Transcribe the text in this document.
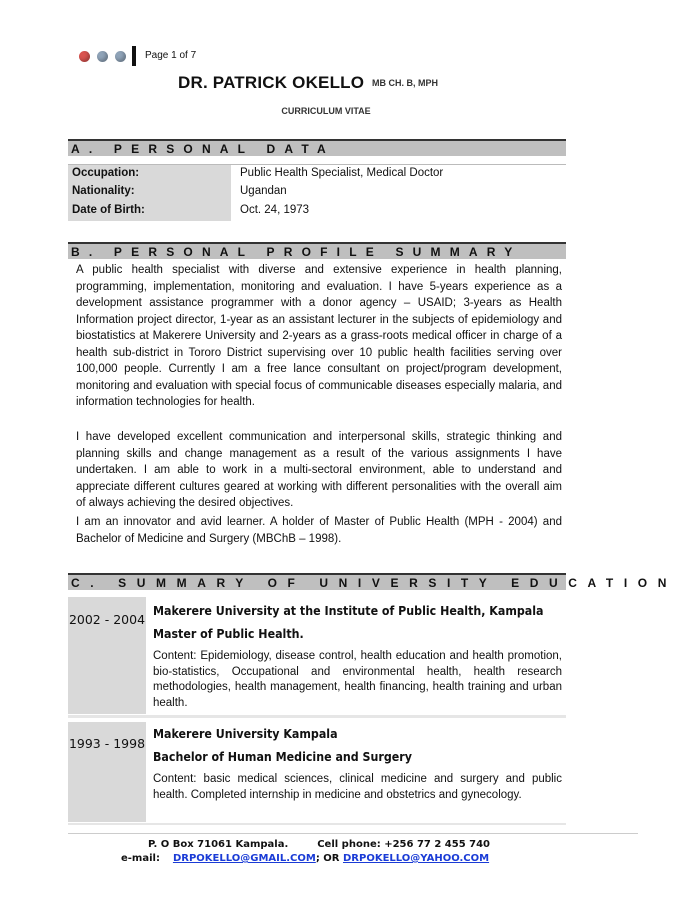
Page 1 of 7
DR. PATRICK OKELLO MB CH. B, MPH
CURRICULUM VITAE
A. PERSONAL DATA
Occupation:	Public Health Specialist, Medical Doctor
Nationality:	Ugandan
Date of Birth:	Oct. 24, 1973
B. PERSONAL PROFILE SUMMARY
A public health specialist with diverse and extensive experience in health planning, programming, implementation, monitoring and evaluation. I have 5-years experience as a development assistance programmer with a donor agency – USAID; 3-years as Health Information project director, 1-year as an assistant lecturer in the subjects of epidemiology and biostatistics at Makerere University and 2-years as a grass-roots medical officer in charge of a health sub-district in Tororo District supervising over 10 public health facilities serving over 100,000 people. Currently I am a free lance consultant on project/program development, monitoring and evaluation with special focus of communicable diseases especially malaria, and information technologies for health.
I have developed excellent communication and interpersonal skills, strategic thinking and planning skills and change management as a result of the various assignments I have undertaken. I am able to work in a multi-sectoral environment, able to understand and appreciate different cultures geared at working with different personalities with the overall aim of always achieving the desired objectives.
I am an innovator and avid learner. A holder of Master of Public Health (MPH - 2004) and Bachelor of Medicine and Surgery (MBChB – 1998).
C. SUMMARY OF UNIVERSITY EDUCATION
2002 - 2004
Makerere University at the Institute of Public Health, Kampala
Master of Public Health.
Content: Epidemiology, disease control, health education and health promotion, bio-statistics, Occupational and environmental health, health research methodologies, health management, health financing, health training and urban health.
1993 - 1998
Makerere University Kampala
Bachelor of Human Medicine and Surgery
Content: basic medical sciences, clinical medicine and surgery and public health. Completed internship in medicine and obstetrics and gynecology.
P. O Box 71061 Kampala.	Cell phone: +256 77 2 455 740
e-mail: DRPOKELLO@GMAIL.COM; OR DRPOKELLO@YAHOO.COM
